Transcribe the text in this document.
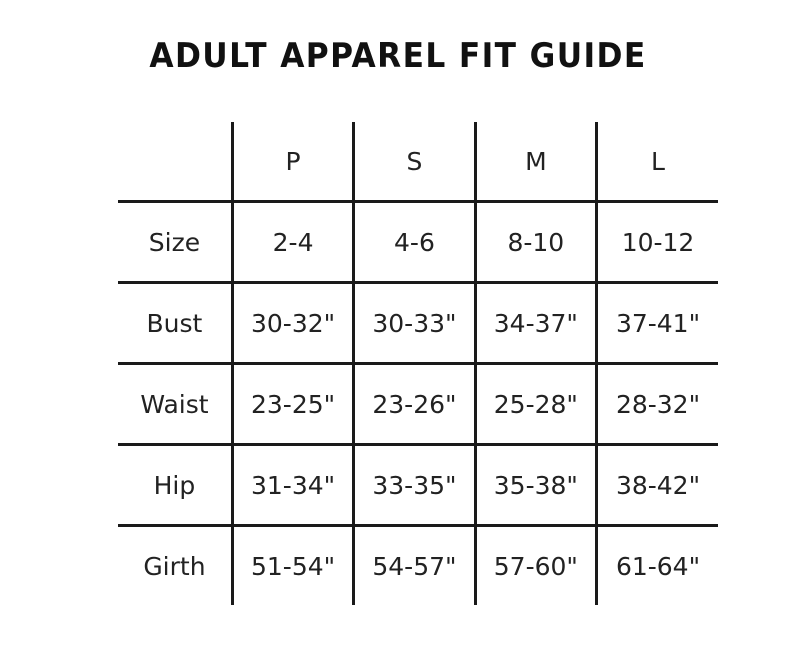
ADULT APPAREL FIT GUIDE
	P	S	M	L
Size	2-4	4-6	8-10	10-12
Bust	30-32"	30-33"	34-37"	37-41"
Waist	23-25"	23-26"	25-28"	28-32"
Hip	31-34"	33-35"	35-38"	38-42"
Girth	51-54"	54-57"	57-60"	61-64"
